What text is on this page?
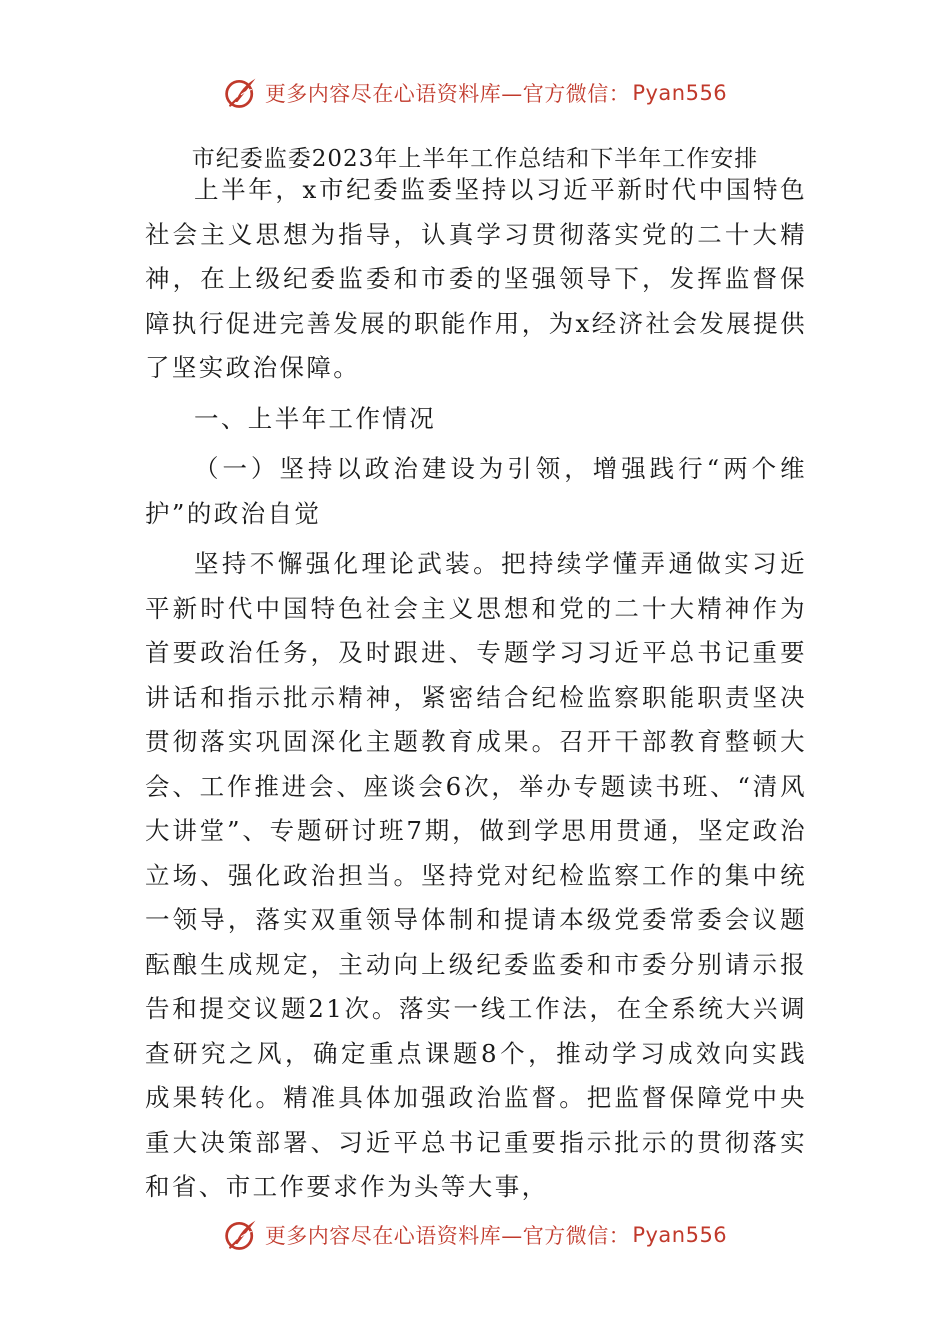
更多内容尽在心语资料库—官方微信： Pyan556
市纪委监委2023年上半年工作总结和下半年工作安排

上半年，x市纪委监委坚持以习近平新时代中国特色社会主义思想为指导，认真学习贯彻落实党的二十大精神，在上级纪委监委和市委的坚强领导下，发挥监督保障执行促进完善发展的职能作用，为x经济社会发展提供了坚实政治保障。

一、上半年工作情况

（一）坚持以政治建设为引领，增强践行“两个维护”的政治自觉

坚持不懈强化理论武装。把持续学懂弄通做实习近平新时代中国特色社会主义思想和党的二十大精神作为首要政治任务，及时跟进、专题学习习近平总书记重要讲话和指示批示精神，紧密结合纪检监察职能职责坚决贯彻落实巩固深化主题教育成果。召开干部教育整顿大会、工作推进会、座谈会6次，举办专题读书班、“清风大讲堂”、专题研讨班7期，做到学思用贯通，坚定政治立场、强化政治担当。坚持党对纪检监察工作的集中统一领导，落实双重领导体制和提请本级党委常委会议题酝酿生成规定，主动向上级纪委监委和市委分别请示报告和提交议题21次。落实一线工作法，在全系统大兴调查研究之风，确定重点课题8个，推动学习成效向实践成果转化。精准具体加强政治监督。把监督保障党中央重大决策部署、习近平总书记重要指示批示的贯彻落实和省、市工作要求作为头等大事，

更多内容尽在心语资料库—官方微信： Pyan556
